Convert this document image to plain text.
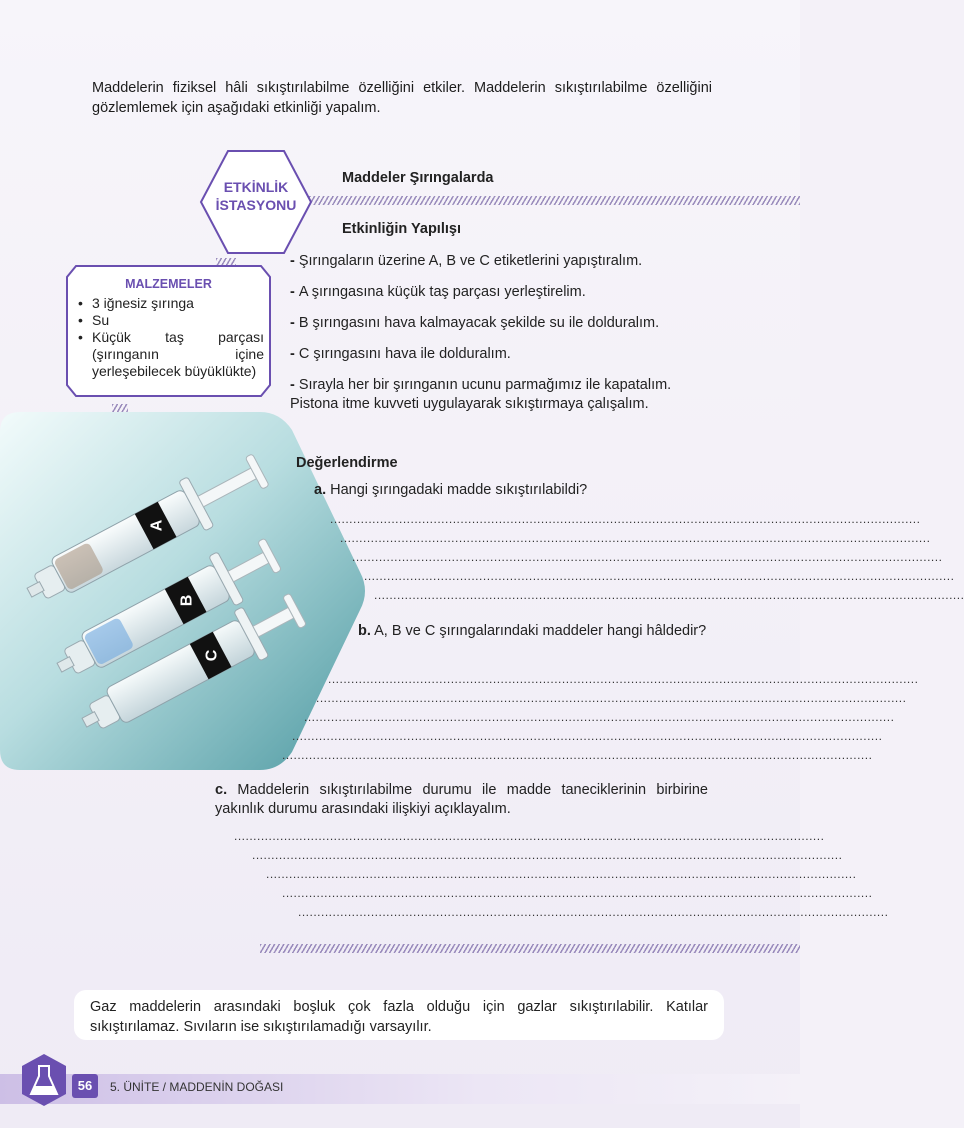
Maddelerin fiziksel hâli sıkıştırılabilme özelliğini etkiler. Maddelerin sıkıştırılabilme özelliğini gözlemlemek için aşağıdaki etkinliği yapalım.
ETKİNLİK
İSTASYONU
Maddeler Şırıngalarda
Etkinliğin Yapılışı
- Şırıngaların üzerine A, B ve C etiketlerini yapıştıralım.
- A şırıngasına küçük taş parçası yerleştirelim.
- B şırıngasını hava kalmayacak şekilde su ile dolduralım.
- C şırıngasını hava ile dolduralım.
- Sırayla her bir şırınganın ucunu parmağımız ile kapatalım. Pistona itme kuvveti uygulayarak sıkıştırmaya çalışalım.
MALZEMELER
• 3 iğnesiz şırınga
• Su
• Küçük taş parçası (şırınganın içine yerleşebilecek büyüklükte)
A
B
C
Değerlendirme
a. Hangi şırıngadaki madde sıkıştırılabildi?
..........................................................................................................................................................
..........................................................................................................................................................
..........................................................................................................................................................
..........................................................................................................................................................
..........................................................................................................................................................
b. A, B ve C şırıngalarındaki maddeler hangi hâldedir?
..........................................................................................................................................................
..........................................................................................................................................................
..........................................................................................................................................................
..........................................................................................................................................................
..........................................................................................................................................................
c. Maddelerin sıkıştırılabilme durumu ile madde taneciklerinin birbirine yakınlık durumu arasındaki ilişkiyi açıklayalım.
..........................................................................................................................................................
..........................................................................................................................................................
..........................................................................................................................................................
..........................................................................................................................................................
..........................................................................................................................................................
Gaz maddelerin arasındaki boşluk çok fazla olduğu için gazlar sıkıştırılabilir. Katılar sıkıştırılamaz. Sıvıların ise sıkıştırılamadığı varsayılır.
56	5. ÜNİTE / MADDENİN DOĞASI
